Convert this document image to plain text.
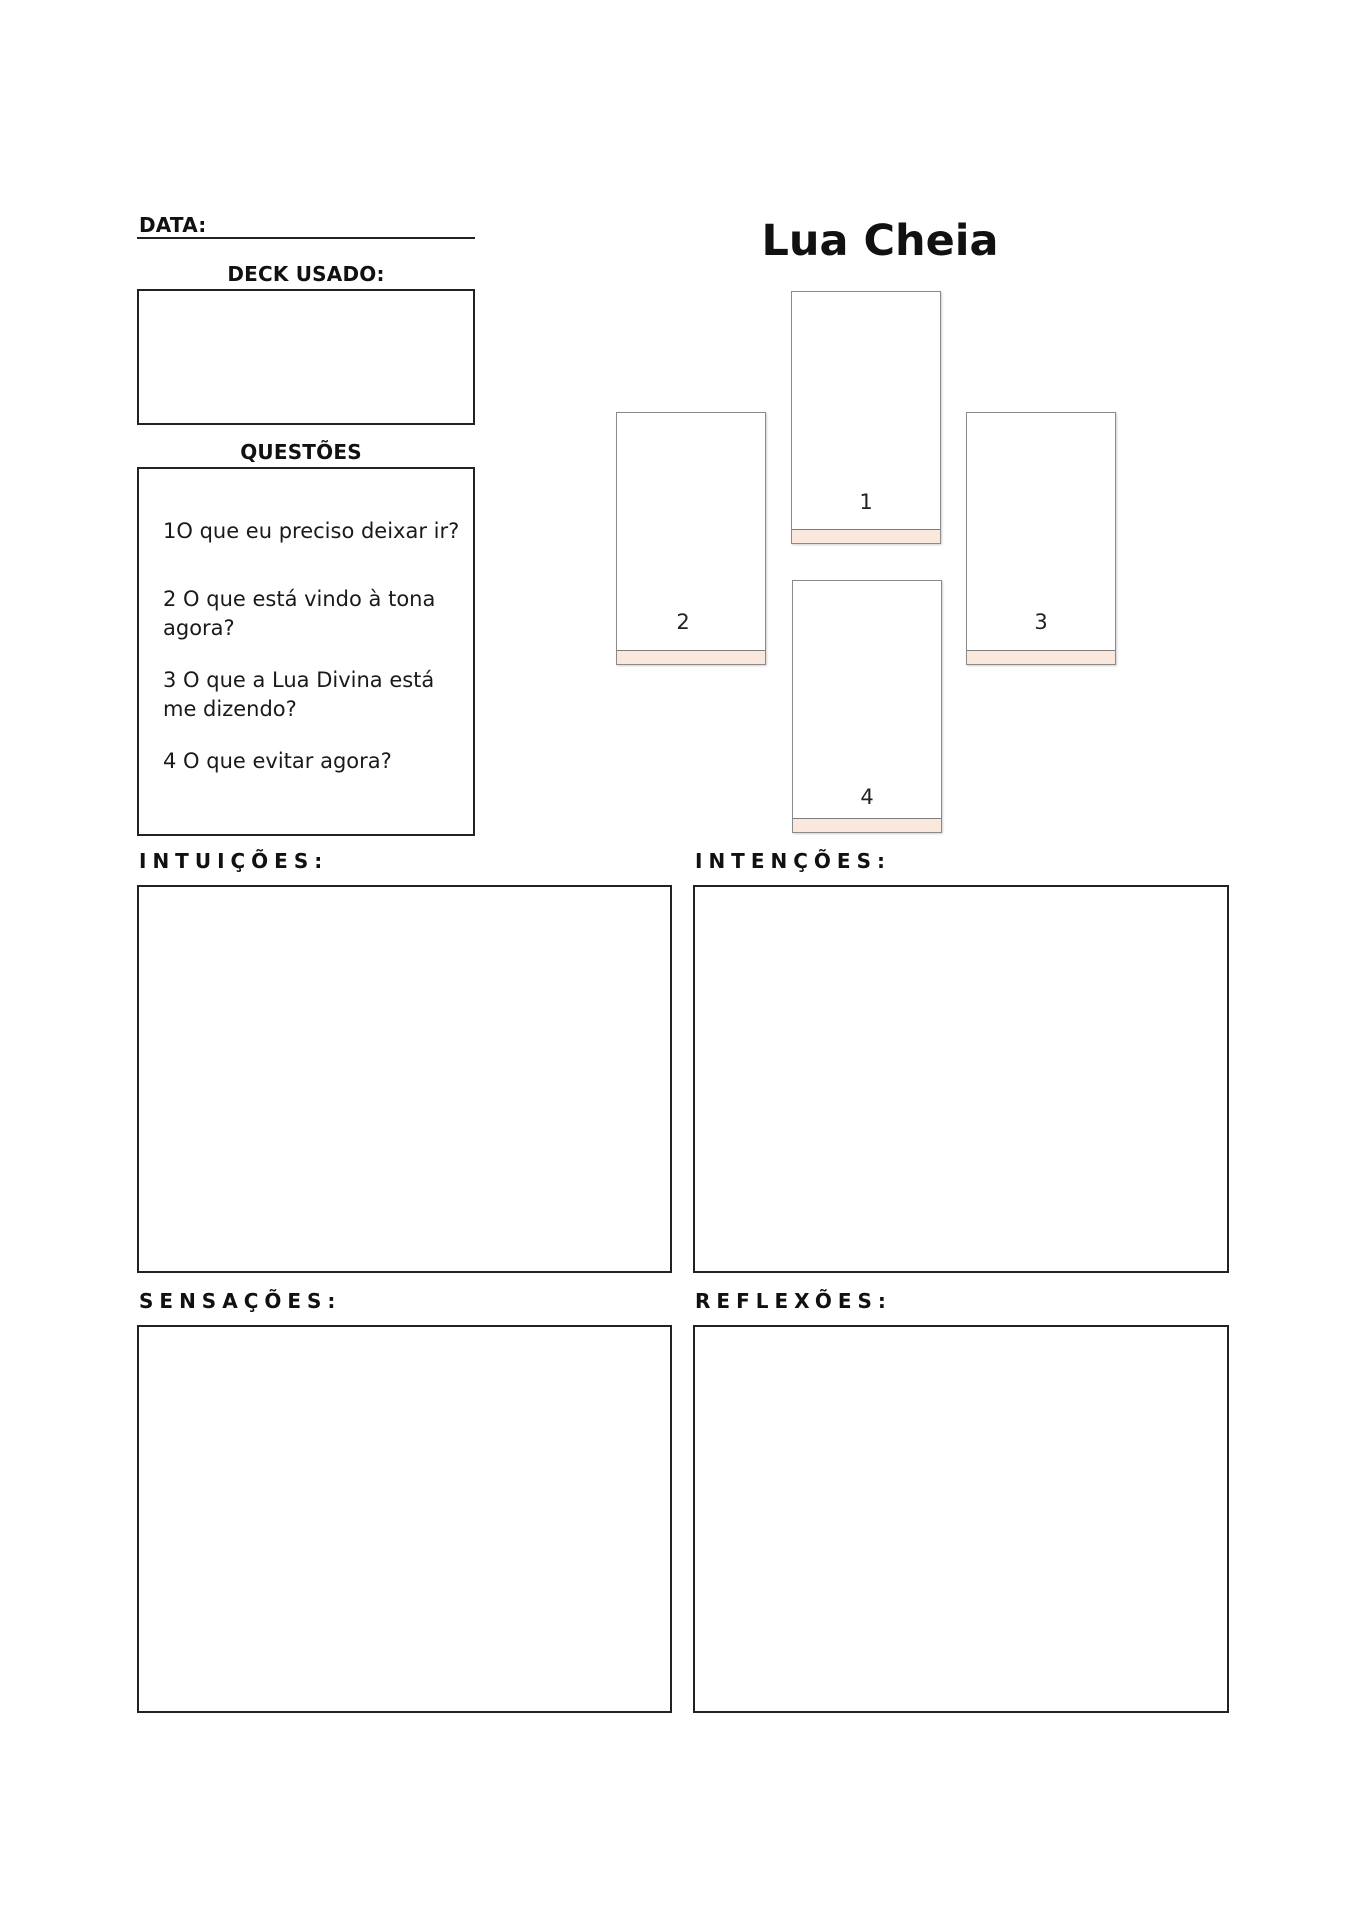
DATA:
DECK USADO:
QUESTÕES
1O que eu preciso deixar ir?
2 O que está vindo à tona agora?
3 O que a Lua Divina está me dizendo?
4 O que evitar agora?
Lua Cheia
1
2	3
4
INTUIÇÕES:	INTENÇÕES:
SENSAÇÕES:	REFLEXÕES:
